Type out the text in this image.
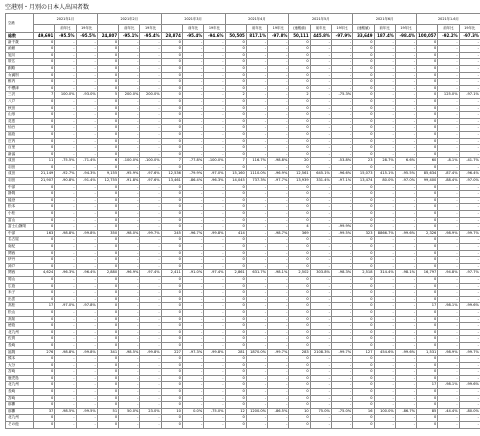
空港別・月別の日本人出国者数
空港	2021年1月			2021年2月			2021年3月			2021年4月			2021年5月			2021年6月			2021年1-6月		
		前年比	19年比		前年比	19年比		前年比	19年比		前年比	19年比	(速報値)	前年比	19年比	(速報値)	前年比	19年比		前年比	19年比
総数	49,691	-95.5%	-95.5%	24,807	-95.1%	-95.4%	28,874	-95.4%	-94.6%	50,505	817.1%	-97.8%	50,111	445.8%	-97.9%	33,649	187.4%	-98.4%	100,057	-92.2%	-97.3%
新千歳	0	-	-	0	-	-	0	-	-	0	-	-	0	-	-	0	-	-	0	-	-
函館	0	-	-	0	-	-	0	-	-	0	-	-	0	-	-	0	-	-	0	-	-
旭川	0	-	-	0	-	-	0	-	-	0	-	-	0	-	-	0	-	-	0	-	-
帯広	0	-	-	0	-	-	0	-	-	0	-	-	0	-	-	0	-	-	0	-	-
釧路	0	-	-	0	-	-	0	-	-	0	-	-	0	-	-	0	-	-	0	-	-
女満別	0	-	-	0	-	-	0	-	-	0	-	-	0	-	-	0	-	-	0	-	-
稚内	0	-	-	0	-	-	0	-	-	0	-	-	0	-	-	0	-	-	0	-	-
中標津	0	-	-	0	-	-	0	-	-	0	-	-	0	-	-	0	-	-	0	-	-
三沢	7	100.0%	-93.0%	5	200.0%	200.0%	0	-	-	2	-	-	2	-	-75.3%	0	-	-	0	125.0%	-97.1%
八戸	0	-	-	0	-	-	0	-	-	0	-	-	0	-	-	0	-	-	0	-	-
秋田	0	-	-	0	-	-	0	-	-	0	-	-	0	-	-	0	-	-	0	-	-
山形	0	-	-	0	-	-	0	-	-	0	-	-	0	-	-	0	-	-	0	-	-
花巻	0	-	-	0	-	-	0	-	-	0	-	-	0	-	-	0	-	-	0	-	-
仙台	0	-	-	0	-	-	0	-	-	0	-	-	0	-	-	0	-	-	0	-	-
福島	0	-	-	0	-	-	0	-	-	0	-	-	0	-	-	0	-	-	0	-	-
庄内	0	-	-	0	-	-	0	-	-	0	-	-	0	-	-	0	-	-	0	-	-
百里	0	-	-	0	-	-	0	-	-	0	-	-	0	-	-	0	-	-	0	-	-
新潟	0	-	-	0	-	-	0	-	-	0	-	-	0	-	-	0	-	-	0	-	-
成田	11	-75.5%	-71.4%	6	-100.0%	-100.0%	7	-77.8%	-100.0%	7	116.7%	-98.8%	20	-	-53.8%	23	28.7%	6.6%	60	-8.1%	-41.7%
羽田	0	-	-	0	-	-	0	-	-	0	-	-	0	-	-	0	-	-	0	-	-
成田	21,149	-92.7%	-94.3%	9,155	-95.9%	-97.6%	12,536	-79.9%	-97.0%	15,160	1110.0%	-96.9%	12,561	645.1%	-96.6%	15,073	415.1%	-95.5%	85,634	-87.4%	-96.4%
羽田	21,907	-90.8%	-91.4%	12,755	-91.8%	-97.6%	13,461	-86.4%	-96.3%	14,045	737.3%	-97.7%	13,939	331.4%	-97.1%	13,474	80.0%	-97.0%	99,400	-88.4%	-97.0%
中部	0	-	-	0	-	-	0	-	-	0	-	-	0	-	-	0	-	-	0	-	-
静岡	0	-	-	0	-	-	0	-	-	0	-	-	0	-	-	0	-	-	0	-	-
能登	0	-	-	0	-	-	0	-	-	0	-	-	0	-	-	0	-	-	0	-	-
松本	0	-	-	0	-	-	0	-	-	0	-	-	0	-	-	0	-	-	0	-	-
小松	0	-	-	0	-	-	0	-	-	0	-	-	0	-	-	0	-	-	0	-	-
富山	0	-	-	0	-	-	0	-	-	0	-	-	0	-	-	0	-	-	0	-	-
富士山静岡	0	-	-	0	-	-	0	-	-	0	-	-	4	-	-99.9%	0	-	-	0	-	-
中部	163	-98.8%	-99.8%	350	-98.0%	-99.7%	245	-96.7%	-99.8%	414	-	-98.7%	369	-	-99.5%	323	8866.7%	-99.6%	2,326	-98.9%	-99.7%
名古屋	0	-	-	0	-	-	0	-	-	0	-	-	0	-	-	0	-	-	0	-	-
南紀	0	-	-	0	-	-	0	-	-	0	-	-	0	-	-	0	-	-	0	-	-
関西	0	-	-	0	-	-	0	-	-	0	-	-	0	-	-	0	-	-	0	-	-
伊丹	0	-	-	0	-	-	0	-	-	0	-	-	0	-	-	0	-	-	0	-	-
神戸	0	-	-	0	-	-	0	-	-	0	-	-	0	-	-	0	-	-	0	-	-
関西	4,624	-96.3%	-96.4%	2,880	-96.9%	-97.4%	2,411	-91.0%	-97.4%	2,861	631.7%	-98.1%	2,502	303.8%	-98.3%	2,518	314.4%	-98.1%	16,797	-94.8%	-97.7%
岡山	0	-	-	0	-	-	0	-	-	0	-	-	0	-	-	0	-	-	0	-	-
広島	0	-	-	0	-	-	0	-	-	0	-	-	0	-	-	0	-	-	0	-	-
米子	0	-	-	0	-	-	0	-	-	0	-	-	0	-	-	0	-	-	0	-	-
出雲	0	-	-	0	-	-	0	-	-	0	-	-	0	-	-	0	-	-	0	-	-
高松	17	-97.0%	-97.8%	0	-	-	0	-	-	0	-	-	0	-	-	0	-	-	17	-98.1%	-99.6%
松山	0	-	-	0	-	-	0	-	-	0	-	-	0	-	-	0	-	-	0	-	-
高知	0	-	-	0	-	-	0	-	-	0	-	-	0	-	-	0	-	-	0	-	-
徳島	0	-	-	0	-	-	0	-	-	0	-	-	0	-	-	0	-	-	0	-	-
北九州	0	-	-	0	-	-	0	-	-	0	-	-	0	-	-	0	-	-	0	-	-
佐賀	0	-	-	0	-	-	0	-	-	0	-	-	0	-	-	0	-	-	0	-	-
長崎	0	-	-	0	-	-	0	-	-	0	-	-	0	-	-	0	-	-	0	-	-
福岡	276	-98.8%	-99.8%	341	-98.5%	-99.8%	227	-97.3%	-99.8%	281	1870.0%	-99.7%	283	2108.3%	-99.7%	127	454.6%	-99.6%	1,531	-98.9%	-99.7%
熊本	0	-	-	0	-	-	0	-	-	0	-	-	0	-	-	0	-	-	0	-	-
大分	0	-	-	0	-	-	0	-	-	0	-	-	0	-	-	0	-	-	0	-	-
宮崎	0	-	-	0	-	-	0	-	-	0	-	-	0	-	-	0	-	-	0	-	-
鹿児島	0	-	-	0	-	-	0	-	-	0	-	-	0	-	-	0	-	-	0	-	-
北九州	0	-	-	0	-	-	0	-	-	0	-	-	0	-	-	0	-	-	17	-98.1%	-99.6%
長崎	0	-	-	0	-	-	0	-	-	0	-	-	0	-	-	0	-	-	0	-	-
宮崎	0	-	-	0	-	-	0	-	-	0	-	-	0	-	-	0	-	-	0	-	-
那覇	0	-	-	0	-	-	0	-	-	0	-	-	0	-	-	0	-	-	0	-	-
那覇	37	-98.5%	-99.5%	51	50.0%	23.0%	10	0.0%	-75.0%	12	1200.0%	-86.5%	10	75.0%	-75.0%	16	100.0%	-86.7%	85	-44.4%	-80.0%
北九州	0	-	-	0	-	-	0	-	-	0	-	-	0	-	-	0	-	-	0	-	-
その他	0	-	-	0	-	-	0	-	-	0	-	-	0	-	-	0	-	-	0	-	-
